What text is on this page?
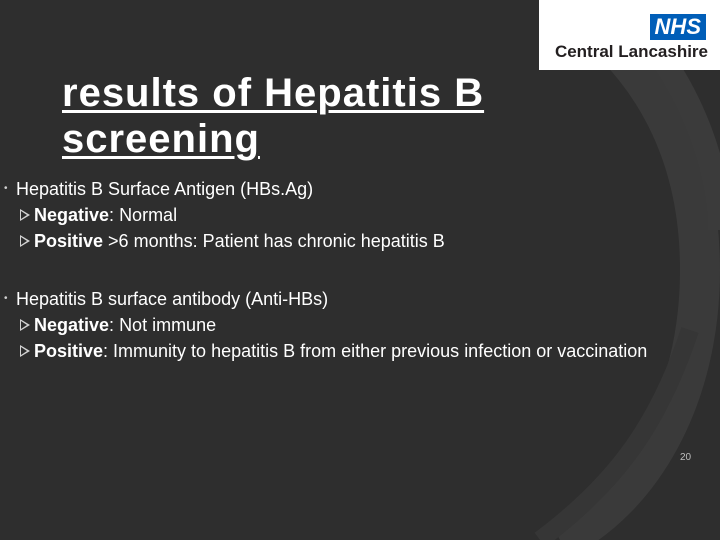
NHS
Central Lancashire
results of Hepatitis B screening

• Hepatitis B Surface Antigen (HBs.Ag)

Negative: Normal

Positive >6 months: Patient has chronic hepatitis B

• Hepatitis B surface antibody (Anti-HBs)

Negative: Not immune

Positive: Immunity to hepatitis B from either previous infection or vaccination

20
